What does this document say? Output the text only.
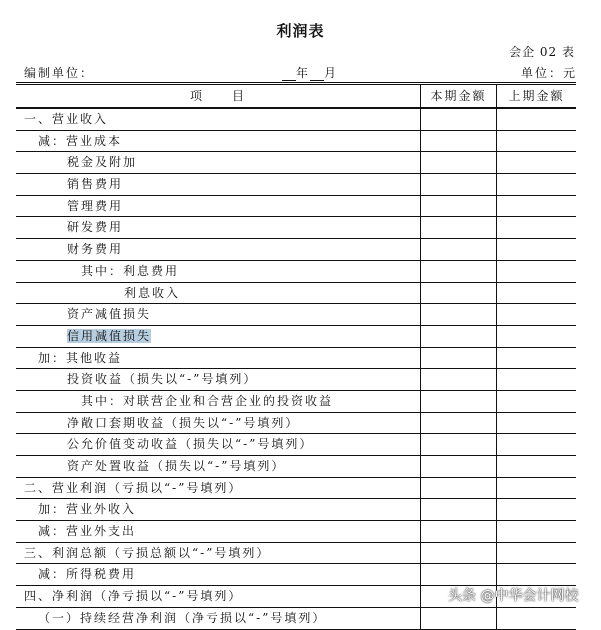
利润表
会企 02 表
编制单位：	年 月	单位：元
项　　目	本期金额	上期金额
一、营业收入
减：营业成本
税金及附加
销售费用
管理费用
研发费用
财务费用
其中：利息费用
利息收入
资产减值损失
信用减值损失
加：其他收益
投资收益（损失以“-”号填列）
其中：对联营企业和合营企业的投资收益
净敞口套期收益（损失以“-”号填列）
公允价值变动收益（损失以“-”号填列）
资产处置收益（损失以“-”号填列）
二、营业利润（亏损以“-”号填列）
加：营业外收入
减：营业外支出
三、利润总额（亏损总额以“-”号填列）
减：所得税费用
四、净利润（净亏损以“-”号填列）
（一）持续经营净利润（净亏损以“-”号填列）
头条 @中华会计网校
